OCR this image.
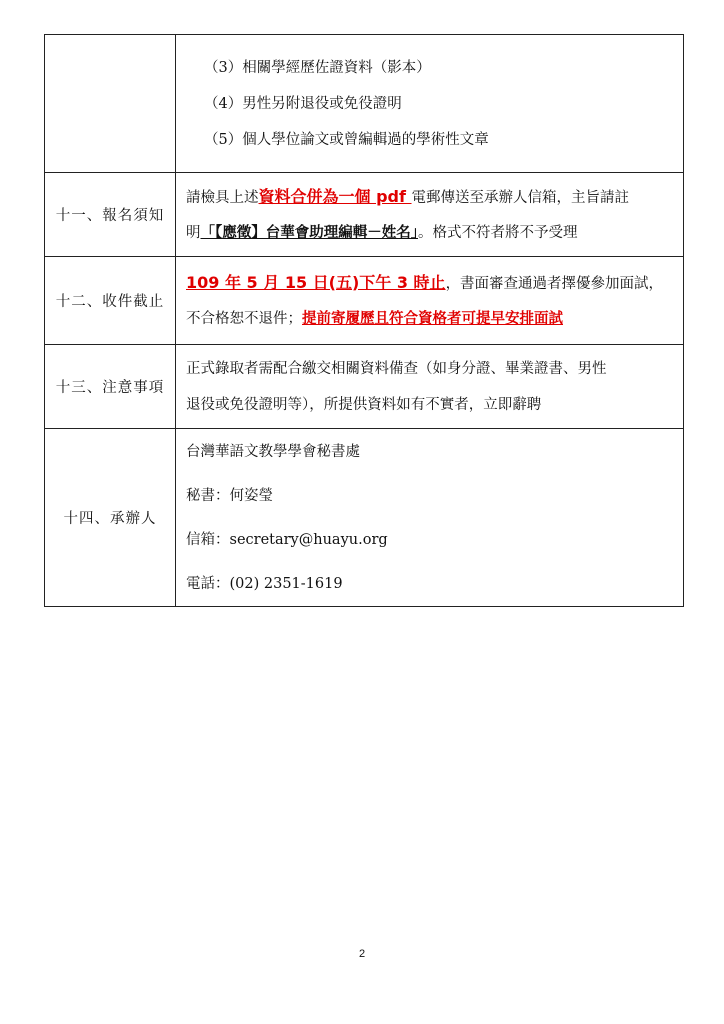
	（3）相關學經歷佐證資料（影本）
（4）男性另附退役或免役證明
（5）個人學位論文或曾編輯過的學術性文章

十一、報名須知	請檢具上述資料合併為一個 pdf 電郵傳送至承辦人信箱，主旨請註
明「【應徵】台華會助理編輯－姓名」。格式不符者將不予受理

十二、收件截止	109 年 5 月 15 日(五)下午 3 時止，書面審查通過者擇優參加面試，
不合格恕不退件；提前寄履歷且符合資格者可提早安排面試

十三、注意事項	正式錄取者需配合繳交相關資料備查（如身分證、畢業證書、男性
退役或免役證明等），所提供資料如有不實者，立即辭聘

十四、承辦人	台灣華語文教學學會秘書處
秘書：何姿瑩
信箱：secretary@huayu.org
電話：(02) 2351-1619
2
